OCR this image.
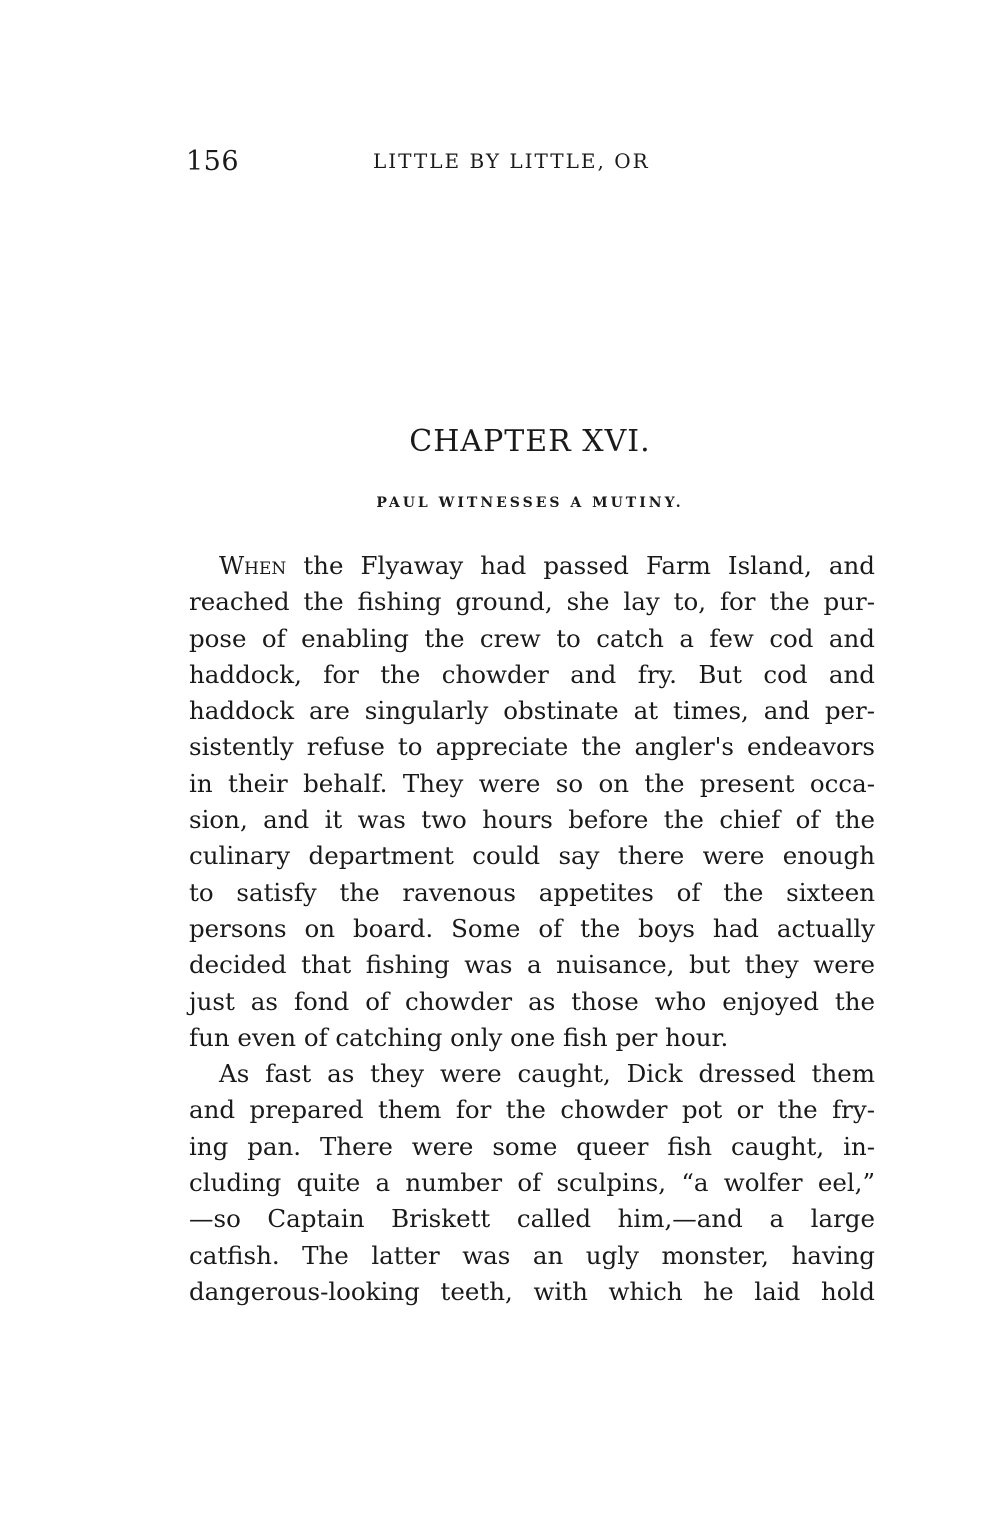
156	LITTLE BY LITTLE, OR
CHAPTER XVI.
PAUL WITNESSES A MUTINY.
When the Flyaway had passed Farm Island, and
reached the fishing ground, she lay to, for the pur-
pose of enabling the crew to catch a few cod and
haddock, for the chowder and fry. But cod and
haddock are singularly obstinate at times, and per-
sistently refuse to appreciate the angler's endeavors
in their behalf. They were so on the present occa-
sion, and it was two hours before the chief of the
culinary department could say there were enough
to satisfy the ravenous appetites of the sixteen
persons on board. Some of the boys had actually
decided that fishing was a nuisance, but they were
just as fond of chowder as those who enjoyed the
fun even of catching only one fish per hour.
As fast as they were caught, Dick dressed them
and prepared them for the chowder pot or the fry-
ing pan. There were some queer fish caught, in-
cluding quite a number of sculpins, “a wolfer eel,”
—so Captain Briskett called him,—and a large
catfish. The latter was an ugly monster, having
dangerous-looking teeth, with which he laid hold
